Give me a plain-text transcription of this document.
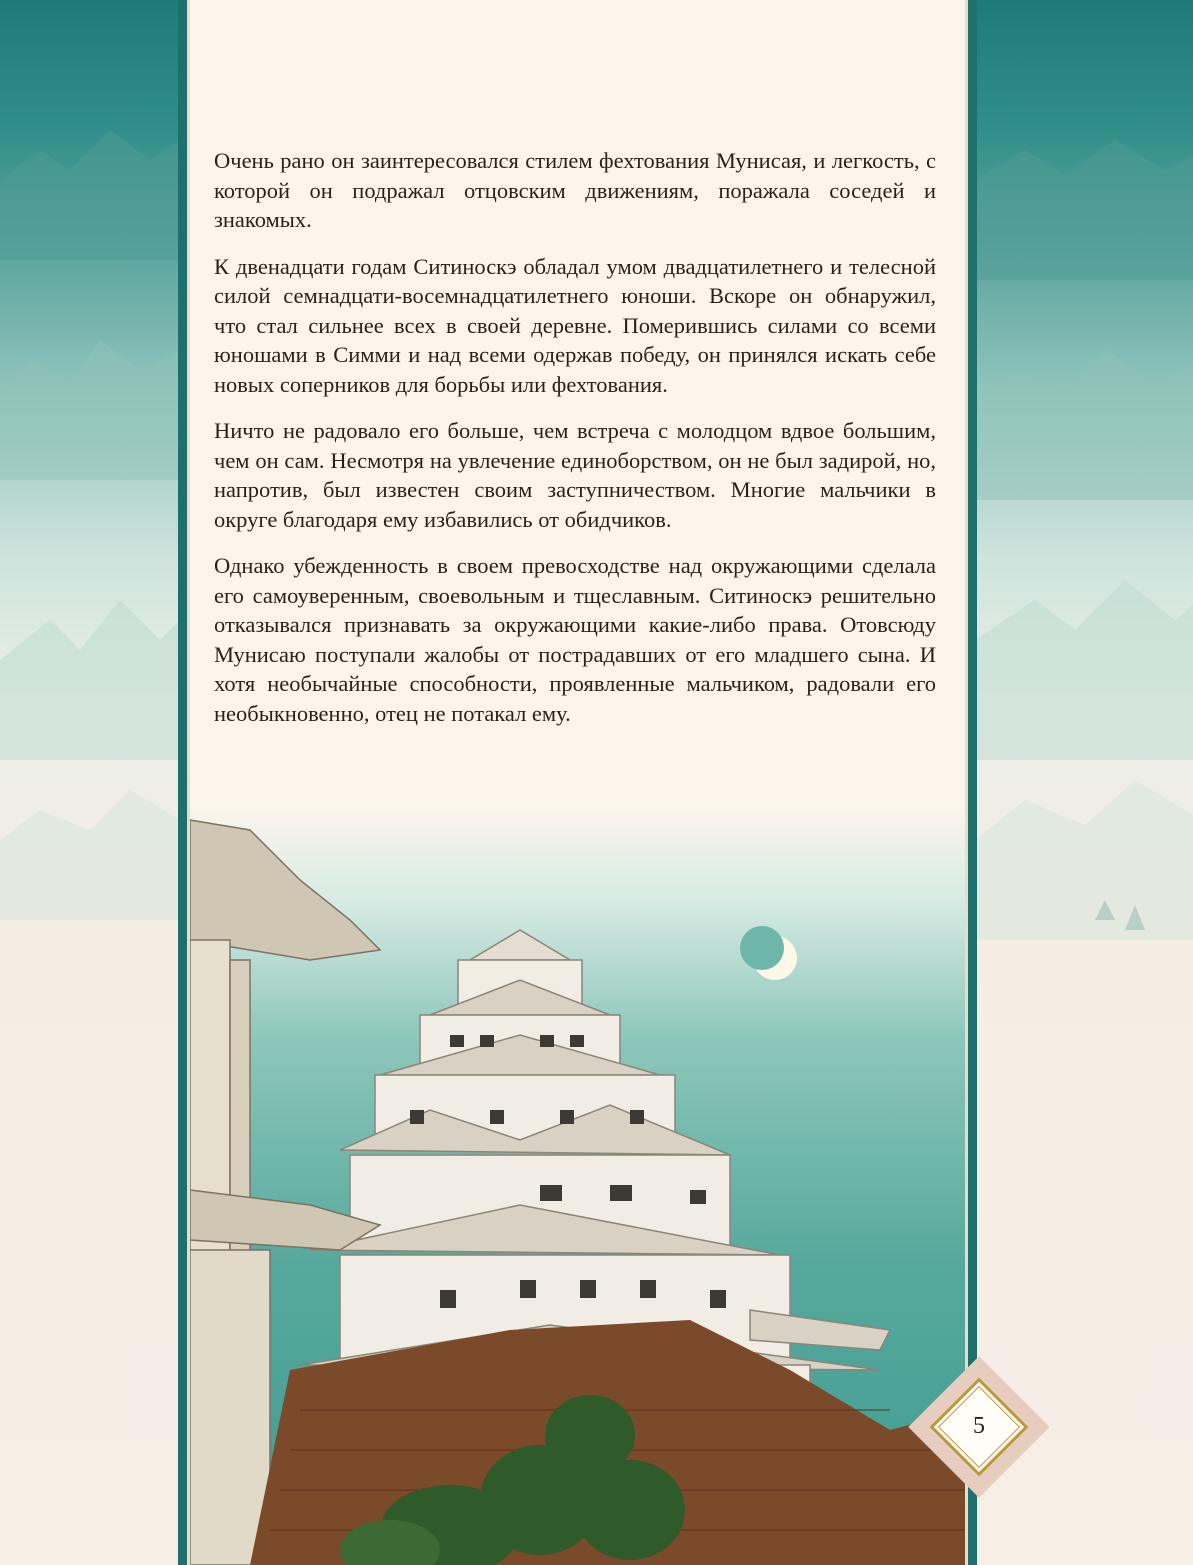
Очень рано он заинтересовался стилем фехтования Мунисая, и легкость, с которой он подражал отцовским движениям, поражала соседей и знакомых.

К двенадцати годам Ситиноскэ обладал умом двадцатилетнего и телесной силой семнадцати-восемнадцатилетнего юноши. Вскоре он обнаружил, что стал сильнее всех в своей деревне. Померившись силами со всеми юношами в Симми и над всеми одержав победу, он принялся искать себе новых соперников для борьбы или фехтования.

Ничто не радовало его больше, чем встреча с молодцом вдвое большим, чем он сам. Несмотря на увлечение единоборством, он не был задирой, но, напротив, был известен своим заступничеством. Многие мальчики в округе благодаря ему избавились от обидчиков.

Однако убежденность в своем превосходстве над окружающими сделала его самоуверенным, своевольным и тщеславным. Ситиноскэ решительно отказывался признавать за окружающими какие-либо права. Отовсюду Мунисаю поступали жалобы от пострадавших от его младшего сына. И хотя необычайные способности, проявленные мальчиком, радовали его необыкновенно, отец не потакал ему.

5
